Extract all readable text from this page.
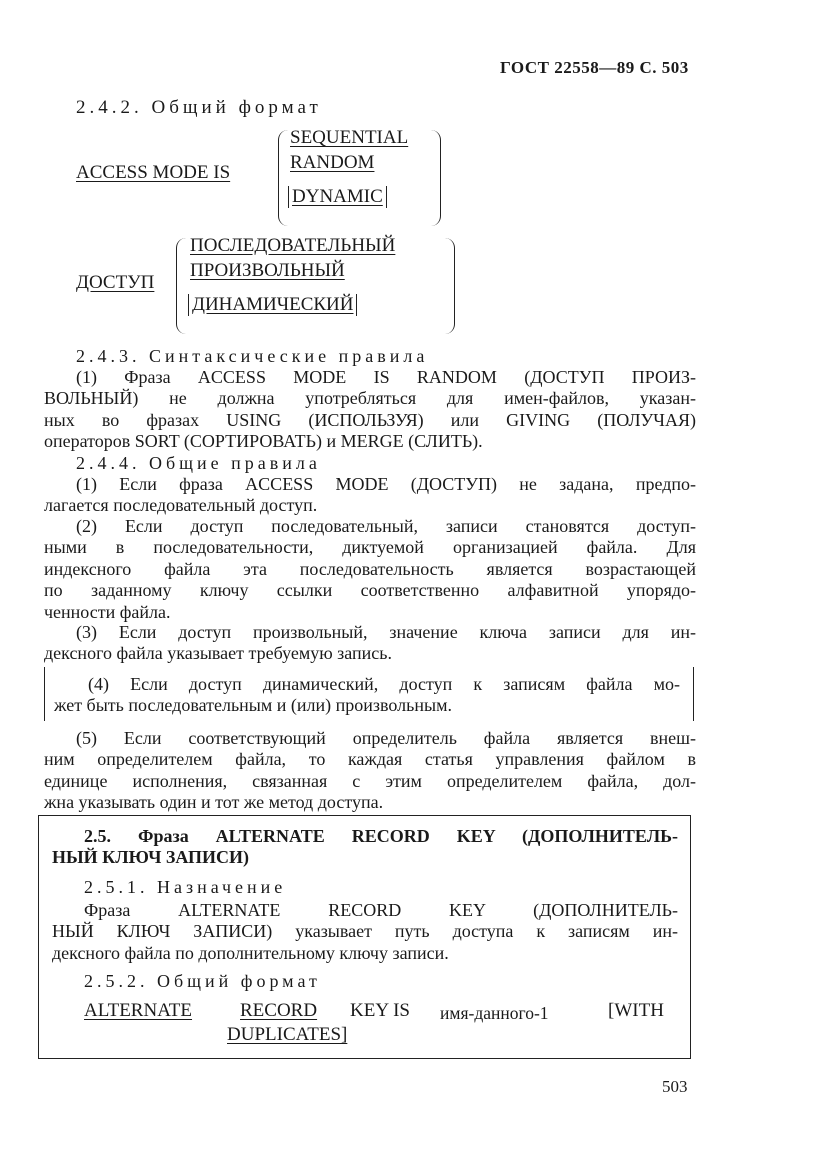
ГОСТ 22558—89 С. 503
2.4.2. Общий формат
ACCESS MODE IS
SEQUENTIAL
RANDOM
DYNAMIC
ДОСТУП
ПОСЛЕДОВАТЕЛЬНЫЙ
ПРОИЗВОЛЬНЫЙ
ДИНАМИЧЕСКИЙ
2.4.3. Синтаксические правила
(1) Фраза ACCESS MODE IS RANDOM (ДОСТУП ПРОИЗ-
ВОЛЬНЫЙ) не должна употребляться для имен-файлов, указан-
ных во фразах USING (ИСПОЛЬЗУЯ) или GIVING (ПОЛУЧАЯ)
операторов SORT (СОРТИРОВАТЬ) и MERGE (СЛИТЬ).
2.4.4. Общие правила
(1) Если фраза ACCESS MODE (ДОСТУП) не задана, предпо-
лагается последовательный доступ.
(2) Если доступ последовательный, записи становятся доступ-
ными в последовательности, диктуемой организацией файла. Для
индексного файла эта последовательность является возрастающей
по заданному ключу ссылки соответственно алфавитной упорядо-
ченности файла.
(3) Если доступ произвольный, значение ключа записи для ин-
дексного файла указывает требуемую запись.
(4) Если доступ динамический, доступ к записям файла мо-
жет быть последовательным и (или) произвольным.
(5) Если соответствующий определитель файла является внеш-
ним определителем файла, то каждая статья управления файлом в
единице исполнения, связанная с этим определителем файла, дол-
жна указывать один и тот же метод доступа.
2.5. Фраза ALTERNATE RECORD KEY (ДОПОЛНИТЕЛЬ-
НЫЙ КЛЮЧ ЗАПИСИ)
2.5.1. Назначение
Фраза ALTERNATE RECORD KEY (ДОПОЛНИТЕЛЬ-
НЫЙ КЛЮЧ ЗАПИСИ) указывает путь доступа к записям ин-
дексного файла по дополнительному ключу записи.
2.5.2. Общий формат
ALTERNATE	RECORD KEY IS имя-данного-1	[WITH
DUPLICATES]
503
